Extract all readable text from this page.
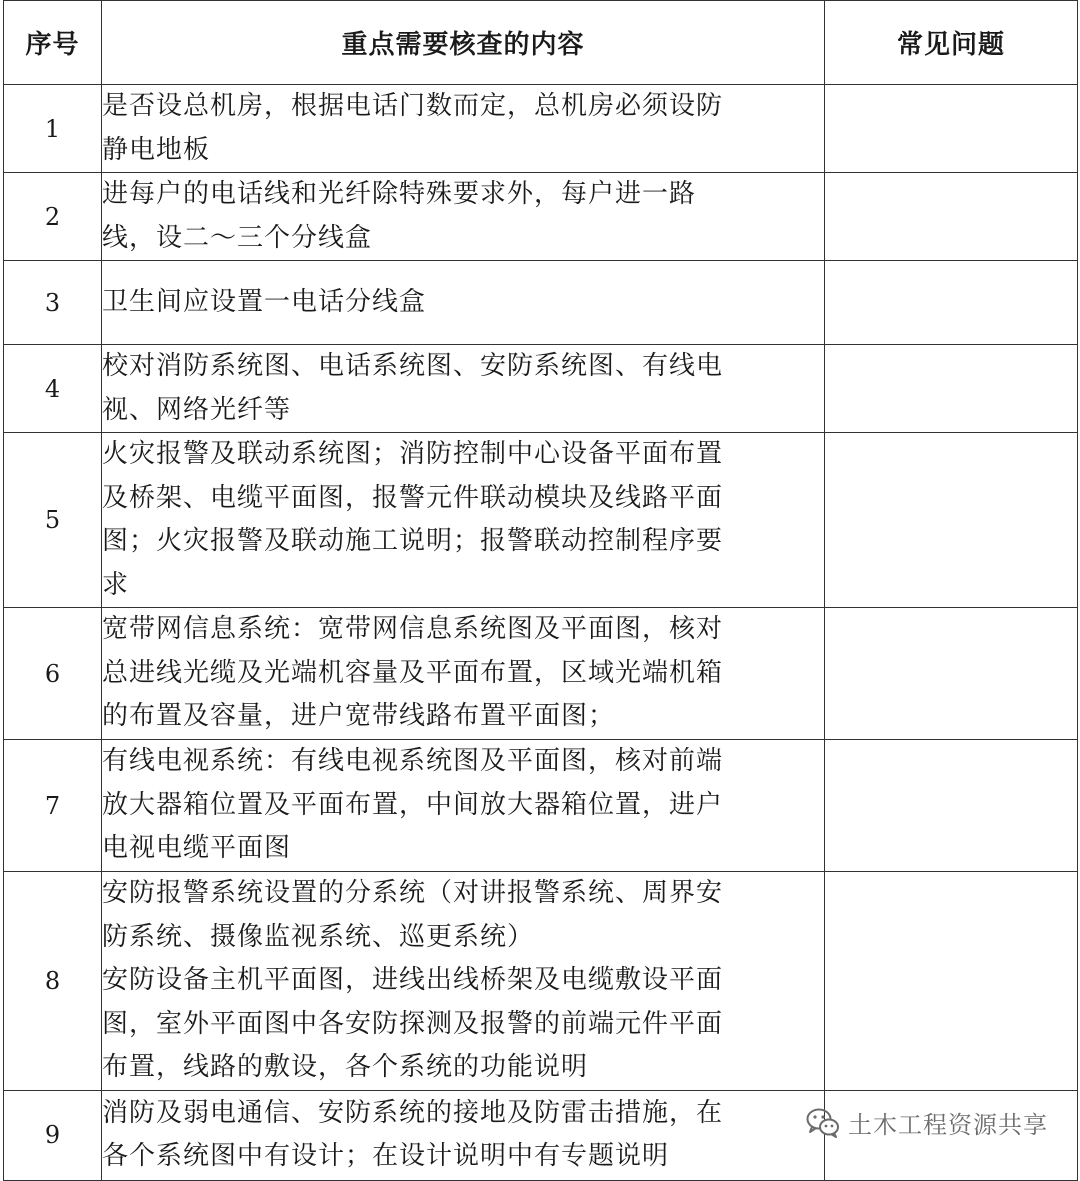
序号	重点需要核查的内容	常见问题
1	是否设总机房，根据电话门数而定，总机房必须设防
静电地板	

2	进每户的电话线和光纤除特殊要求外，每户进一路
线，设二～三个分线盒	

3	卫生间应设置一电话分线盒	

4	校对消防系统图、电话系统图、安防系统图、有线电
视、网络光纤等	

5	火灾报警及联动系统图；消防控制中心设备平面布置
及桥架、电缆平面图，报警元件联动模块及线路平面
图；火灾报警及联动施工说明；报警联动控制程序要
求	

6	宽带网信息系统：宽带网信息系统图及平面图，核对
总进线光缆及光端机容量及平面布置，区域光端机箱
的布置及容量，进户宽带线路布置平面图；	

7	有线电视系统：有线电视系统图及平面图，核对前端
放大器箱位置及平面布置，中间放大器箱位置，进户
电视电缆平面图	

8	安防报警系统设置的分系统（对讲报警系统、周界安
防系统、摄像监视系统、巡更系统）
安防设备主机平面图，进线出线桥架及电缆敷设平面
图，室外平面图中各安防探测及报警的前端元件平面
布置，线路的敷设，各个系统的功能说明	

9	消防及弱电通信、安防系统的接地及防雷击措施，在
各个系统图中有设计；在设计说明中有专题说明	

土木工程资源共享
